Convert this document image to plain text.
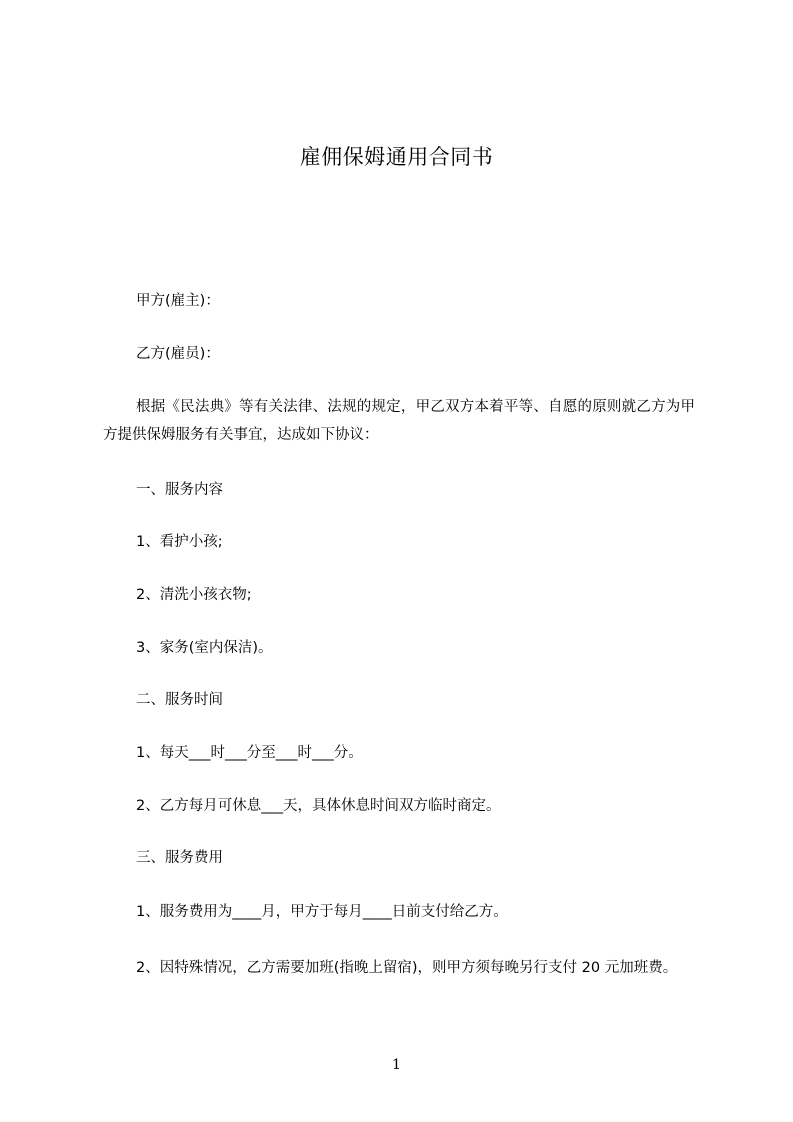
雇佣保姆通用合同书
甲方(雇主)：
乙方(雇员)：
根据《民法典》等有关法律、法规的规定，甲乙双方本着平等、自愿的原则就乙方为甲方提供保姆服务有关事宜，达成如下协议：
一、服务内容
1、看护小孩;
2、清洗小孩衣物;
3、家务(室内保洁)。
二、服务时间
1、每天___时___分至___时___分。
2、乙方每月可休息___天，具体休息时间双方临时商定。
三、服务费用
1、服务费用为____月，甲方于每月____日前支付给乙方。
2、因特殊情况，乙方需要加班(指晚上留宿)，则甲方须每晚另行支付 20 元加班费。
1
